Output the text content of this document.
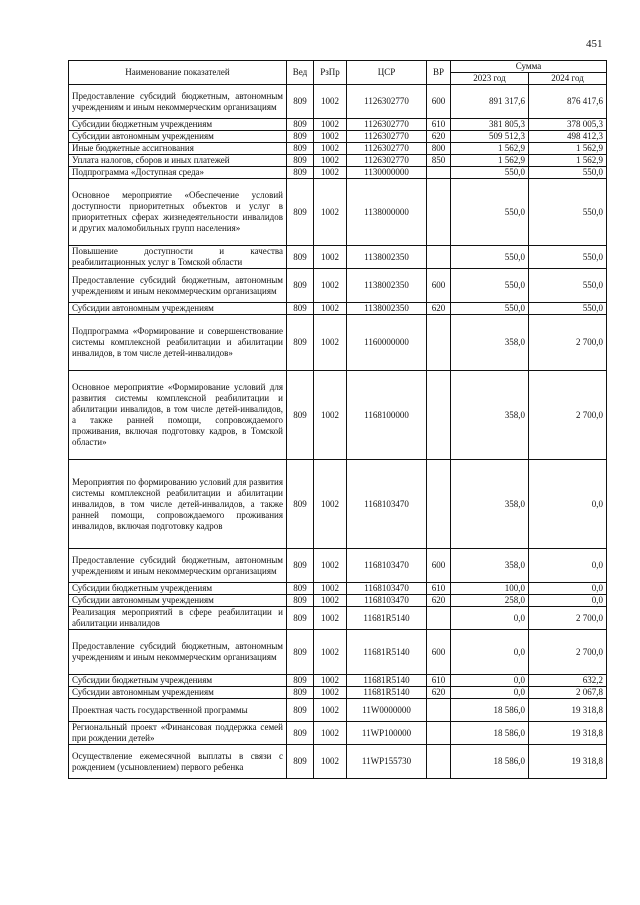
451
Наименование показателей	Вед	РзПр	ЦСР	ВР	Сумма	
					2023 год	2024 год
Предоставление субсидий бюджетным, автономным учреждениям и иным некоммерческим организациям	809	1002	1126302770	600	891 317,6	876 417,6
Субсидии бюджетным учреждениям	809	1002	1126302770	610	381 805,3	378 005,3
Субсидии автономным учреждениям	809	1002	1126302770	620	509 512,3	498 412,3
Иные бюджетные ассигнования	809	1002	1126302770	800	1 562,9	1 562,9
Уплата налогов, сборов и иных платежей	809	1002	1126302770	850	1 562,9	1 562,9
Подпрограмма «Доступная среда»	809	1002	1130000000		550,0	550,0
Основное мероприятие «Обеспечение условий доступности приоритетных объектов и услуг в приоритетных сферах жизнедеятельности инвалидов и других маломобильных групп населения»	809	1002	1138000000		550,0	550,0
Повышение доступности и качества реабилитационных услуг в Томской области	809	1002	1138002350		550,0	550,0
Предоставление субсидий бюджетным, автономным учреждениям и иным некоммерческим организациям	809	1002	1138002350	600	550,0	550,0
Субсидии автономным учреждениям	809	1002	1138002350	620	550,0	550,0
Подпрограмма «Формирование и совершенствование системы комплексной реабилитации и абилитации инвалидов, в том числе детей-инвалидов»	809	1002	1160000000		358,0	2 700,0
Основное мероприятие «Формирование условий для развития системы комплексной реабилитации и абилитации инвалидов, в том числе детей-инвалидов, а также ранней помощи, сопровождаемого проживания, включая подготовку кадров, в Томской области»	809	1002	1168100000		358,0	2 700,0
Мероприятия по формированию условий для развития системы комплексной реабилитации и абилитации инвалидов, в том числе детей-инвалидов, а также ранней помощи, сопровождаемого проживания инвалидов, включая подготовку кадров	809	1002	1168103470		358,0	0,0
Предоставление субсидий бюджетным, автономным учреждениям и иным некоммерческим организациям	809	1002	1168103470	600	358,0	0,0
Субсидии бюджетным учреждениям	809	1002	1168103470	610	100,0	0,0
Субсидии автономным учреждениям	809	1002	1168103470	620	258,0	0,0
Реализация мероприятий в сфере реабилитации и абилитации инвалидов	809	1002	11681R5140		0,0	2 700,0
Предоставление субсидий бюджетным, автономным учреждениям и иным некоммерческим организациям	809	1002	11681R5140	600	0,0	2 700,0
Субсидии бюджетным учреждениям	809	1002	11681R5140	610	0,0	632,2
Субсидии автономным учреждениям	809	1002	11681R5140	620	0,0	2 067,8
Проектная часть государственной программы	809	1002	11W0000000		18 586,0	19 318,8
Региональный проект «Финансовая поддержка семей при рождении детей»	809	1002	11WP100000		18 586,0	19 318,8
Осуществление ежемесячной выплаты в связи с рождением (усыновлением) первого ребенка	809	1002	11WP155730		18 586,0	19 318,8
